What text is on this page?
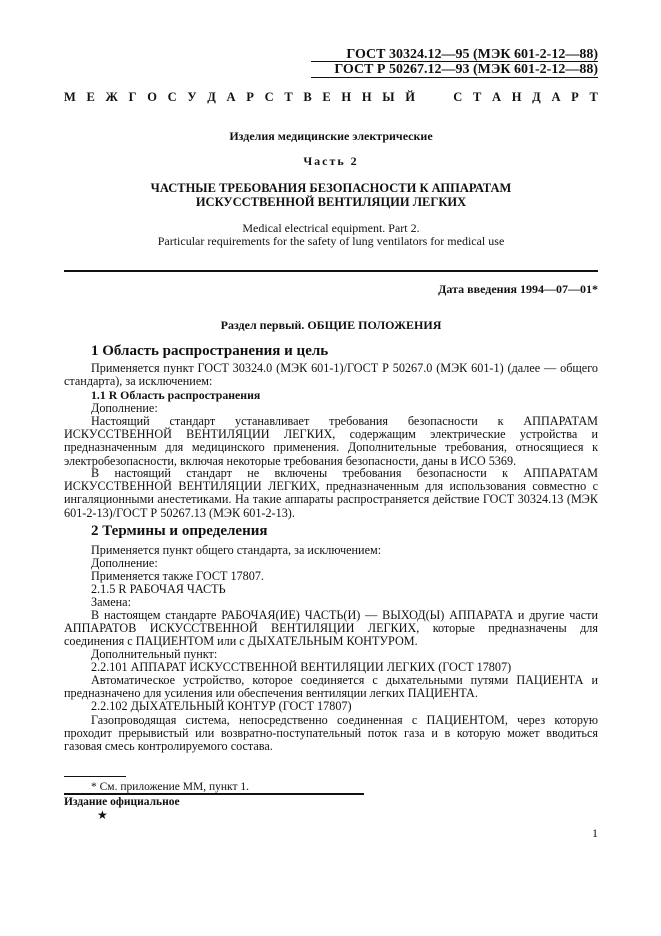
ГОСТ 30324.12—95 (МЭК 601-2-12—88)
ГОСТ Р 50267.12—93 (МЭК 601-2-12—88)
М Е Ж Г О С У Д А Р С Т В Е Н Н Ы Й

	С Т А Н Д А Р Т
Изделия медицинские электрические
Часть 2
ЧАСТНЫЕ ТРЕБОВАНИЯ БЕЗОПАСНОСТИ К АППАРАТАМ
ИСКУССТВЕННОЙ ВЕНТИЛЯЦИИ ЛЕГКИХ
Medical electrical equipment. Part 2.
Particular requirements for the safety of lung ventilators for medical use
Дата введения 1994—07—01*
Раздел первый. ОБЩИЕ ПОЛОЖЕНИЯ
1 Область распространения и цель
Применяется пункт ГОСТ 30324.0 (МЭК 601-1)/ГОСТ Р 50267.0 (МЭК 601-1) (далее — общего стандарта), за исключением:
1.1 R Область распространения
Дополнение:
Настоящий стандарт устанавливает требования безопасности к АППАРАТАМ ИСКУССТВЕННОЙ ВЕНТИЛЯЦИИ ЛЕГКИХ, содержащим электрические устройства и предназначенным для медицинского применения. Дополнительные требования, относящиеся к электробезопасности, включая некоторые требования безопасности, даны в ИСО 5369.
В настоящий стандарт не включены требования безопасности к АППАРАТАМ ИСКУССТВЕННОЙ ВЕНТИЛЯЦИИ ЛЕГКИХ, предназначенным для использования совместно с ингаляционными анестетиками. На такие аппараты распространяется действие ГОСТ 30324.13 (МЭК 601-2-13)/ГОСТ Р 50267.13 (МЭК 601-2-13).
2 Термины и определения
Применяется пункт общего стандарта, за исключением:
Дополнение:
Применяется также ГОСТ 17807.
2.1.5 R РАБОЧАЯ ЧАСТЬ
Замена:
В настоящем стандарте РАБОЧАЯ(ИЕ) ЧАСТЬ(И) — ВЫХОД(Ы) АППАРАТА и другие части АППАРАТОВ ИСКУССТВЕННОЙ ВЕНТИЛЯЦИИ ЛЕГКИХ, которые предназначены для соединения с ПАЦИЕНТОМ или с ДЫХАТЕЛЬНЫМ КОНТУРОМ.
Дополнительный пункт:
2.2.101 АППАРАТ ИСКУССТВЕННОЙ ВЕНТИЛЯЦИИ ЛЕГКИХ (ГОСТ 17807)
Автоматическое устройство, которое соединяется с дыхательными путями ПАЦИЕНТА и предназначено для усиления или обеспечения вентиляции легких ПАЦИЕНТА.
2.2.102 ДЫХАТЕЛЬНЫЙ КОНТУР (ГОСТ 17807)
Газопроводящая система, непосредственно соединенная с ПАЦИЕНТОМ, через которую проходит прерывистый или возвратно-поступательный поток газа и в которую может вводиться газовая смесь контролируемого состава.
* См. приложение ММ, пункт 1.
Издание официальное
★
1
